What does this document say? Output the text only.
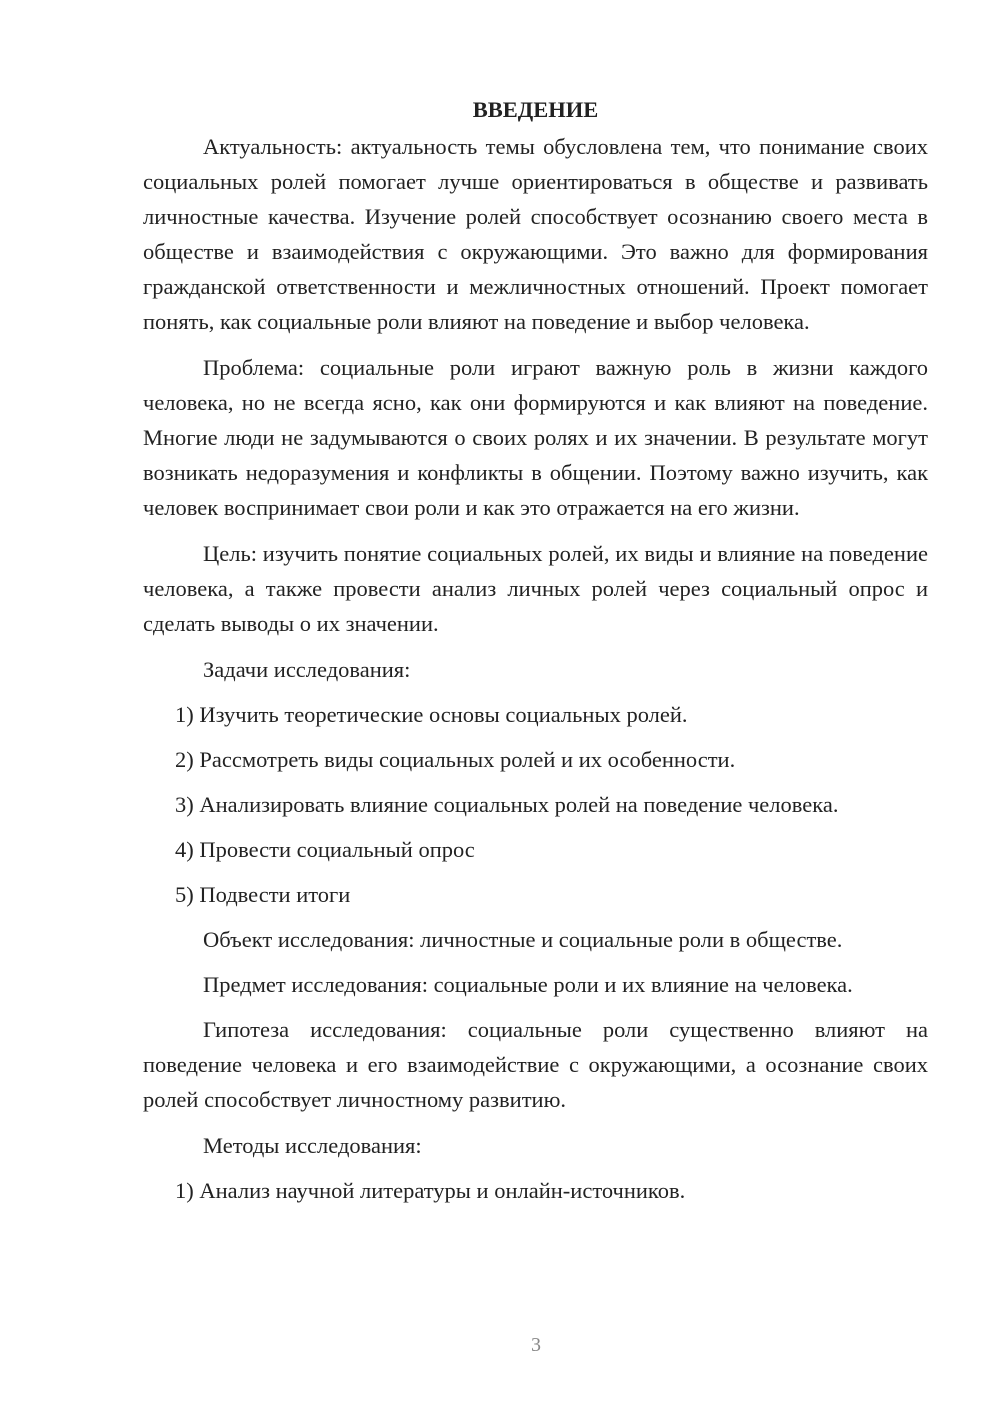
ВВЕДЕНИЕ

Актуальность: актуальность темы обусловлена тем, что понимание своих социальных ролей помогает лучше ориентироваться в обществе и развивать личностные качества. Изучение ролей способствует осознанию своего места в обществе и взаимодействия с окружающими. Это важно для формирования гражданской ответственности и межличностных отношений. Проект помогает понять, как социальные роли влияют на поведение и выбор человека.

Проблема: социальные роли играют важную роль в жизни каждого человека, но не всегда ясно, как они формируются и как влияют на поведение. Многие люди не задумываются о своих ролях и их значении. В результате могут возникать недоразумения и конфликты в общении. Поэтому важно изучить, как человек воспринимает свои роли и как это отражается на его жизни.

Цель: изучить понятие социальных ролей, их виды и влияние на поведение человека, а также провести анализ личных ролей через социальный опрос и сделать выводы о их значении.

Задачи исследования:

1) Изучить теоретические основы социальных ролей.

2) Рассмотреть виды социальных ролей и их особенности.

3) Анализировать влияние социальных ролей на поведение человека.

4) Провести социальный опрос

5) Подвести итоги

Объект исследования: личностные и социальные роли в обществе.

Предмет исследования: социальные роли и их влияние на человека.

Гипотеза исследования: социальные роли существенно влияют на поведение человека и его взаимодействие с окружающими, а осознание своих ролей способствует личностному развитию.

Методы исследования:

1) Анализ научной литературы и онлайн-источников.

3
